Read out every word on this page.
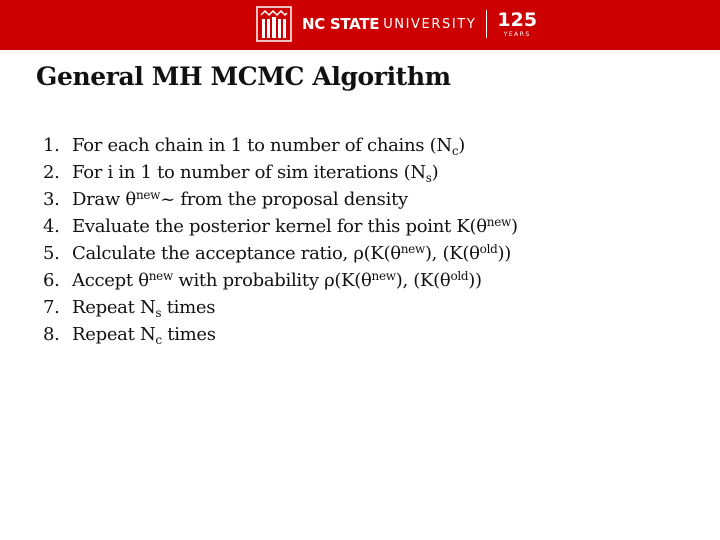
NC STATE UNIVERSITY 125
YEARS
General MH MCMC Algorithm
1. For each chain in 1 to number of chains $(N_c)$
2. For i in 1 to number of sim iterations $(N_s)$
3. Draw $\theta^{new}\sim$ from the proposal density
4. Evaluate the posterior kernel for this point $K(\theta^{new})$
5. Calculate the acceptance ratio, $\rho(K(\theta^{new})$, $(K(\theta^{old}))$
6. Accept $\theta^{new}$ with probability $\rho(K(\theta^{new})$, $(K(\theta^{old}))$
7. Repeat $N_s$ times
8. Repeat $N_c$ times
